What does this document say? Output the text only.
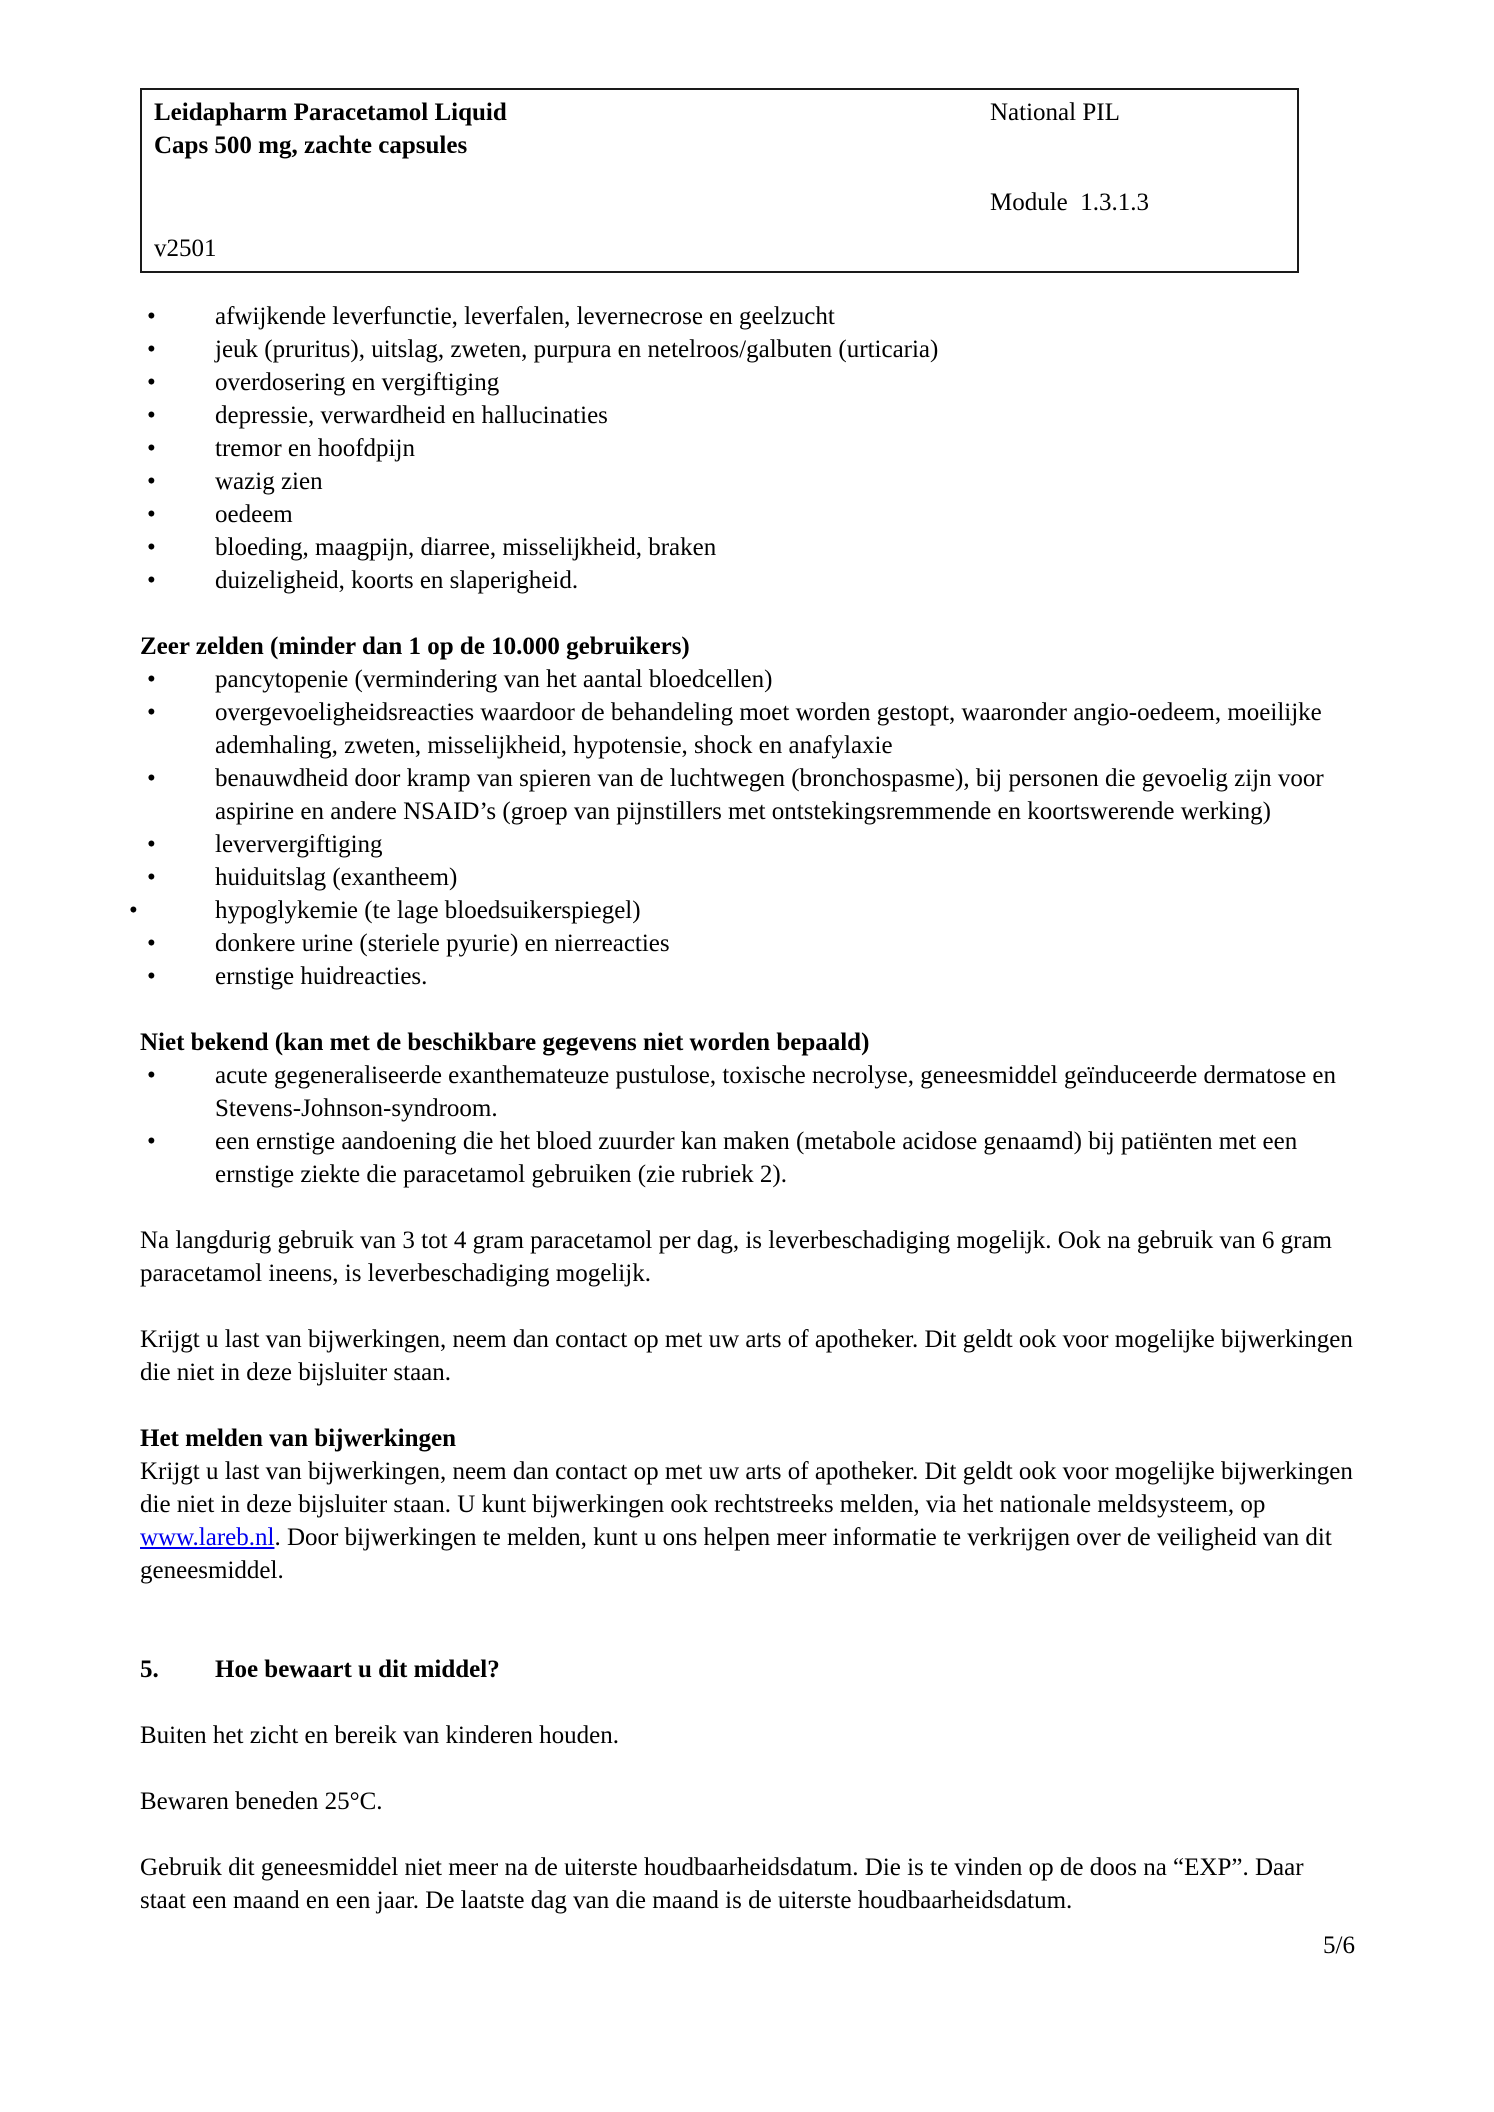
Leidapharm Paracetamol Liquid
Caps 500 mg, zachte capsules
National PIL
Module  1.3.1.3
v2501
• afwijkende leverfunctie, leverfalen, levernecrose en geelzucht
• jeuk (pruritus), uitslag, zweten, purpura en netelroos/galbuten (urticaria)
• overdosering en vergiftiging
• depressie, verwardheid en hallucinaties
• tremor en hoofdpijn
• wazig zien
• oedeem
• bloeding, maagpijn, diarree, misselijkheid, braken
• duizeligheid, koorts en slaperigheid.
Zeer zelden (minder dan 1 op de 10.000 gebruikers)
• pancytopenie (vermindering van het aantal bloedcellen)
• overgevoeligheidsreacties waardoor de behandeling moet worden gestopt, waaronder angio-oedeem, moeilijke ademhaling, zweten, misselijkheid, hypotensie, shock en anafylaxie
• benauwdheid door kramp van spieren van de luchtwegen (bronchospasme), bij personen die gevoelig zijn voor aspirine en andere NSAID’s (groep van pijnstillers met ontstekingsremmende en koortswerende werking)
• leververgiftiging
• huiduitslag (exantheem)
• hypoglykemie (te lage bloedsuikerspiegel)
• donkere urine (steriele pyurie) en nierreacties
• ernstige huidreacties.
Niet bekend (kan met de beschikbare gegevens niet worden bepaald)
• acute gegeneraliseerde exanthemateuze pustulose, toxische necrolyse, geneesmiddel geïnduceerde dermatose en Stevens-Johnson-syndroom.
• een ernstige aandoening die het bloed zuurder kan maken (metabole acidose genaamd) bij patiënten met een ernstige ziekte die paracetamol gebruiken (zie rubriek 2).

Na langdurig gebruik van 3 tot 4 gram paracetamol per dag, is leverbeschadiging mogelijk. Ook na gebruik van 6 gram paracetamol ineens, is leverbeschadiging mogelijk.

Krijgt u last van bijwerkingen, neem dan contact op met uw arts of apotheker. Dit geldt ook voor mogelijke bijwerkingen die niet in deze bijsluiter staan.

Het melden van bijwerkingen

Krijgt u last van bijwerkingen, neem dan contact op met uw arts of apotheker. Dit geldt ook voor mogelijke bijwerkingen die niet in deze bijsluiter staan. U kunt bijwerkingen ook rechtstreeks melden, via het nationale meldsysteem, op www.lareb.nl. Door bijwerkingen te melden, kunt u ons helpen meer informatie te verkrijgen over de veiligheid van dit geneesmiddel.

5.	Hoe bewaart u dit middel?

Buiten het zicht en bereik van kinderen houden.

Bewaren beneden 25°C.

Gebruik dit geneesmiddel niet meer na de uiterste houdbaarheidsdatum. Die is te vinden op de doos na “EXP”. Daar staat een maand en een jaar. De laatste dag van die maand is de uiterste houdbaarheidsdatum.

5/6
